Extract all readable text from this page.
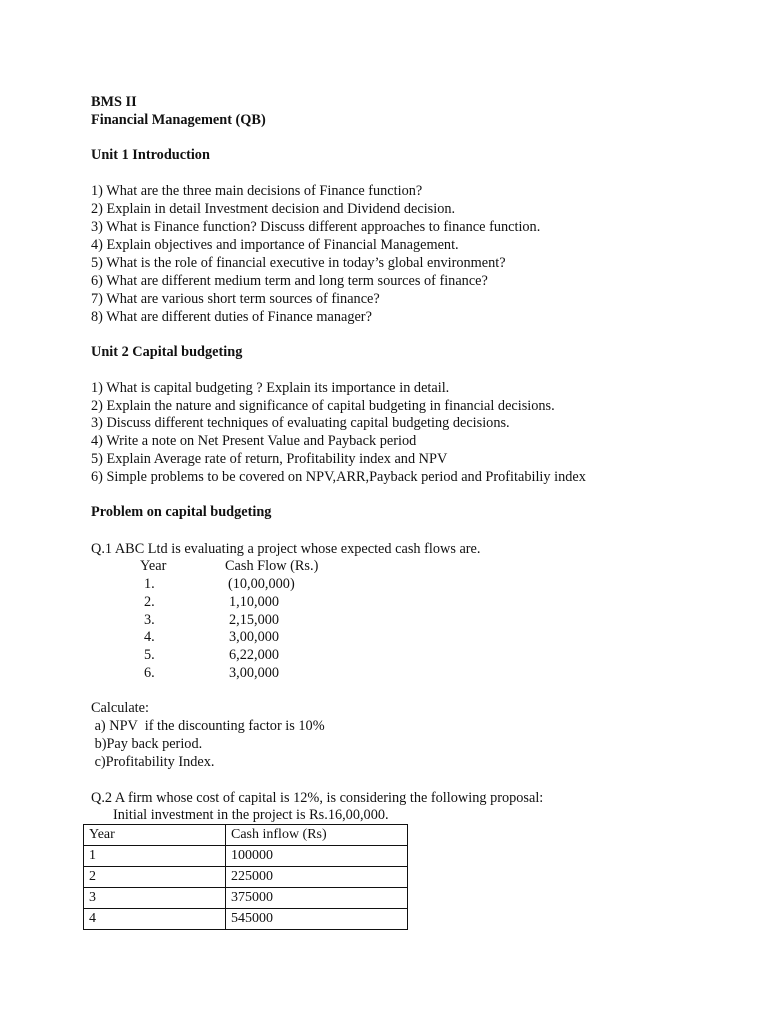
BMS II
Financial Management (QB)
Unit 1 Introduction
1) What are the three main decisions of Finance function?
2) Explain in detail Investment decision and Dividend decision.
3) What is Finance function? Discuss different approaches to finance function.
4) Explain objectives and importance of Financial Management.
5) What is the role of financial executive in today’s global environment?
6) What are different medium term and long term sources of finance?
7) What are various short term sources of finance?
8) What are different duties of Finance manager?
Unit 2 Capital budgeting
1) What is capital budgeting ? Explain its importance in detail.
2) Explain the nature and significance of capital budgeting in financial decisions.
3) Discuss different techniques of evaluating capital budgeting decisions.
4) Write a note on Net Present Value and Payback period
5) Explain Average rate of return, Profitability index and NPV
6) Simple problems to be covered on NPV,ARR,Payback period and Profitabiliy index
Problem on capital budgeting
Q.1 ABC Ltd is evaluating a project whose expected cash flows are.
Year	Cash Flow (Rs.)
1.	(10,00,000)
2.	1,10,000
3.	2,15,000
4.	3,00,000
5.	6,22,000
6.	3,00,000
Calculate:
a) NPV  if the discounting factor is 10%
b)Pay back period.
c)Profitability Index.
Q.2 A firm whose cost of capital is 12%, is considering the following proposal:
Initial investment in the project is Rs.16,00,000.
Year	Cash inflow (Rs)
1	100000
2	225000
3	375000
4	545000
